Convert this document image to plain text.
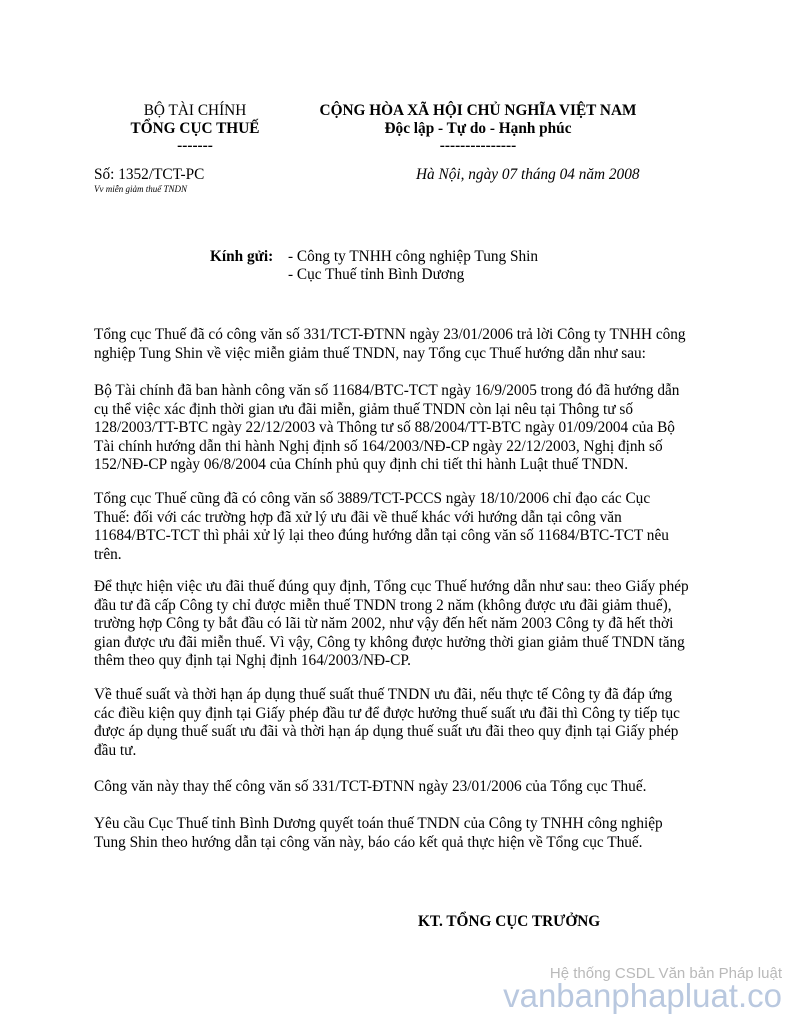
BỘ TÀI CHÍNH
TỔNG CỤC THUẾ
-------
Số: 1352/TCT-PC
Vv miễn giảm thuế TNDN
CỘNG HÒA XÃ HỘI CHỦ NGHĨA VIỆT NAM
Độc lập - Tự do - Hạnh phúc
---------------
Hà Nội, ngày 07 tháng 04 năm 2008
Kính gửi: - Công ty TNHH công nghiệp Tung Shin
- Cục Thuế tỉnh Bình Dương
Tổng cục Thuế đã có công văn số 331/TCT-ĐTNN ngày 23/01/2006 trả lời Công ty TNHH công
nghiệp Tung Shin về việc miễn giảm thuế TNDN, nay Tổng cục Thuế hướng dẫn như sau:
Bộ Tài chính đã ban hành công văn số 11684/BTC-TCT ngày 16/9/2005 trong đó đã hướng dẫn
cụ thể việc xác định thời gian ưu đãi miễn, giảm thuế TNDN còn lại nêu tại Thông tư số
128/2003/TT-BTC ngày 22/12/2003 và Thông tư số 88/2004/TT-BTC ngày 01/09/2004 của Bộ
Tài chính hướng dẫn thi hành Nghị định số 164/2003/NĐ-CP ngày 22/12/2003, Nghị định số
152/NĐ-CP ngày 06/8/2004 của Chính phủ quy định chi tiết thi hành Luật thuế TNDN.
Tổng cục Thuế cũng đã có công văn số 3889/TCT-PCCS ngày 18/10/2006 chỉ đạo các Cục
Thuế: đối với các trường hợp đã xử lý ưu đãi về thuế khác với hướng dẫn tại công văn
11684/BTC-TCT thì phải xử lý lại theo đúng hướng dẫn tại công văn số 11684/BTC-TCT nêu
trên.
Để thực hiện việc ưu đãi thuế đúng quy định, Tổng cục Thuế hướng dẫn như sau: theo Giấy phép
đầu tư đã cấp Công ty chỉ được miễn thuế TNDN trong 2 năm (không được ưu đãi giảm thuế),
trường hợp Công ty bắt đầu có lãi từ năm 2002, như vậy đến hết năm 2003 Công ty đã hết thời
gian được ưu đãi miễn thuế. Vì vậy, Công ty không được hưởng thời gian giảm thuế TNDN tăng
thêm theo quy định tại Nghị định 164/2003/NĐ-CP.
Về thuế suất và thời hạn áp dụng thuế suất thuế TNDN ưu đãi, nếu thực tế Công ty đã đáp ứng
các điều kiện quy định tại Giấy phép đầu tư để được hưởng thuế suất ưu đãi thì Công ty tiếp tục
được áp dụng thuế suất ưu đãi và thời hạn áp dụng thuế suất ưu đãi theo quy định tại Giấy phép
đầu tư.
Công văn này thay thế công văn số 331/TCT-ĐTNN ngày 23/01/2006 của Tổng cục Thuế.
Yêu cầu Cục Thuế tỉnh Bình Dương quyết toán thuế TNDN của Công ty TNHH công nghiệp
Tung Shin theo hướng dẫn tại công văn này, báo cáo kết quả thực hiện về Tổng cục Thuế.
KT. TỔNG CỤC TRƯỞNG
Hệ thống CSDL Văn bản Pháp luật
vanbanphapluat.co
